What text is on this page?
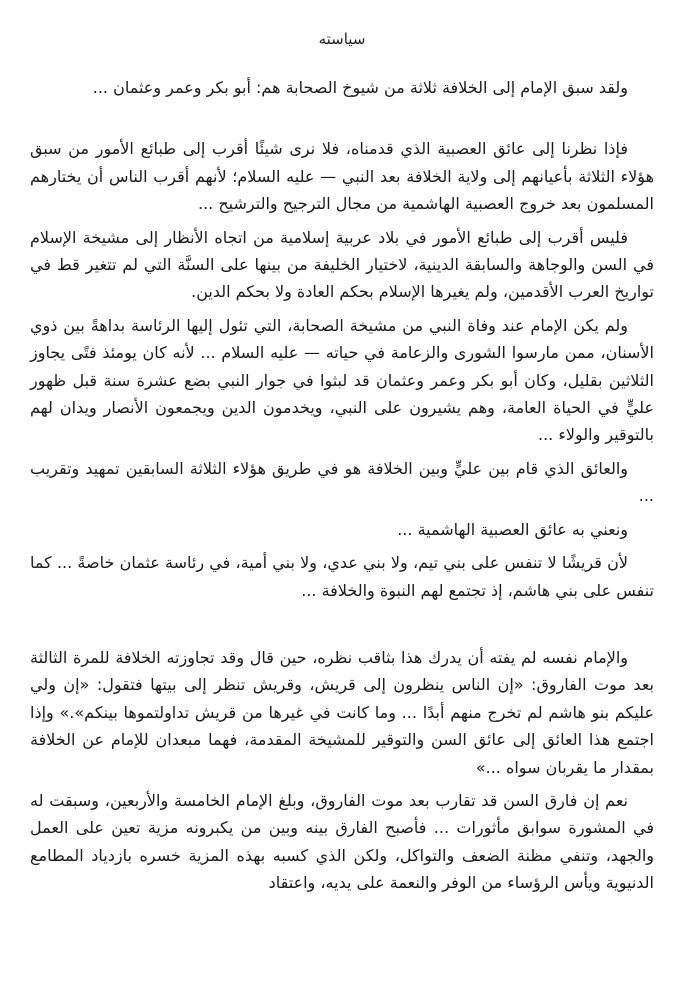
سياسته

ولقد سبق الإمام إلى الخلافة ثلاثة من شيوخ الصحابة هم: أبو بكر وعمر وعثمان ...

فإذا نظرنا إلى عائق العصبية الذي قدمناه، فلا نرى شيئًا أقرب إلى طبائع الأمور من سبق هؤلاء الثلاثة بأعيانهم إلى ولاية الخلافة بعد النبي — عليه السلام؛ لأنهم أقرب الناس أن يختارهم المسلمون بعد خروج العصبية الهاشمية من مجال الترجيح والترشيح ...

فليس أقرب إلى طبائع الأمور في بلاد عربية إسلامية من اتجاه الأنظار إلى مشيخة الإسلام في السن والوجاهة والسابقة الدينية، لاختيار الخليفة من بينها على السنَّة التي لم تتغير قط في تواريخ العرب الأقدمين، ولم يغيرها الإسلام بحكم العادة ولا بحكم الدين.

ولم يكن الإمام عند وفاة النبي من مشيخة الصحابة، التي تئول إليها الرئاسة بداهةً بين ذوي الأسنان، ممن مارسوا الشورى والزعامة في حياته — عليه السلام ... لأنه كان يومئذ فتًى يجاوز الثلاثين بقليل، وكان أبو بكر وعمر وعثمان قد لبثوا في جوار النبي بضع عشرة سنة قبل ظهور عليٍّ في الحياة العامة، وهم يشيرون على النبي، ويخدمون الدين ويجمعون الأنصار ويدان لهم بالتوقير والولاء ...

والعائق الذي قام بين عليٍّ وبين الخلافة هو في طريق هؤلاء الثلاثة السابقين تمهيد وتقريب ...

ونعني به عائق العصبية الهاشمية ...

لأن قريشًا لا تنفس على بني تيم، ولا بني عدي، ولا بني أمية، في رئاسة عثمان خاصةً ... كما تنفس على بني هاشم، إذ تجتمع لهم النبوة والخلافة ...

والإمام نفسه لم يفته أن يدرك هذا بثاقب نظره، حين قال وقد تجاوزته الخلافة للمرة الثالثة بعد موت الفاروق: «إن الناس ينظرون إلى قريش، وقريش تنظر إلى بيتها فتقول: «إن ولي عليكم بنو هاشم لم تخرج منهم أبدًا ... وما كانت في غيرها من قريش تداولتموها بينكم».» وإذا اجتمع هذا العائق إلى عائق السن والتوقير للمشيخة المقدمة، فهما مبعدان للإمام عن الخلافة بمقدار ما يقربان سواه ...»

نعم إن فارق السن قد تقارب بعد موت الفاروق، وبلغ الإمام الخامسة والأربعين، وسبقت له في المشورة سوابق مأثورات ... فأصبح الفارق بينه وبين من يكبرونه مزية تعين على العمل والجهد، وتنفي مظنة الضعف والتواكل، ولكن الذي كسبه بهذه المزية خسره بازدياد المطامع الدنيوية ويأس الرؤساء من الوفر والنعمة على يديه، واعتقاد
